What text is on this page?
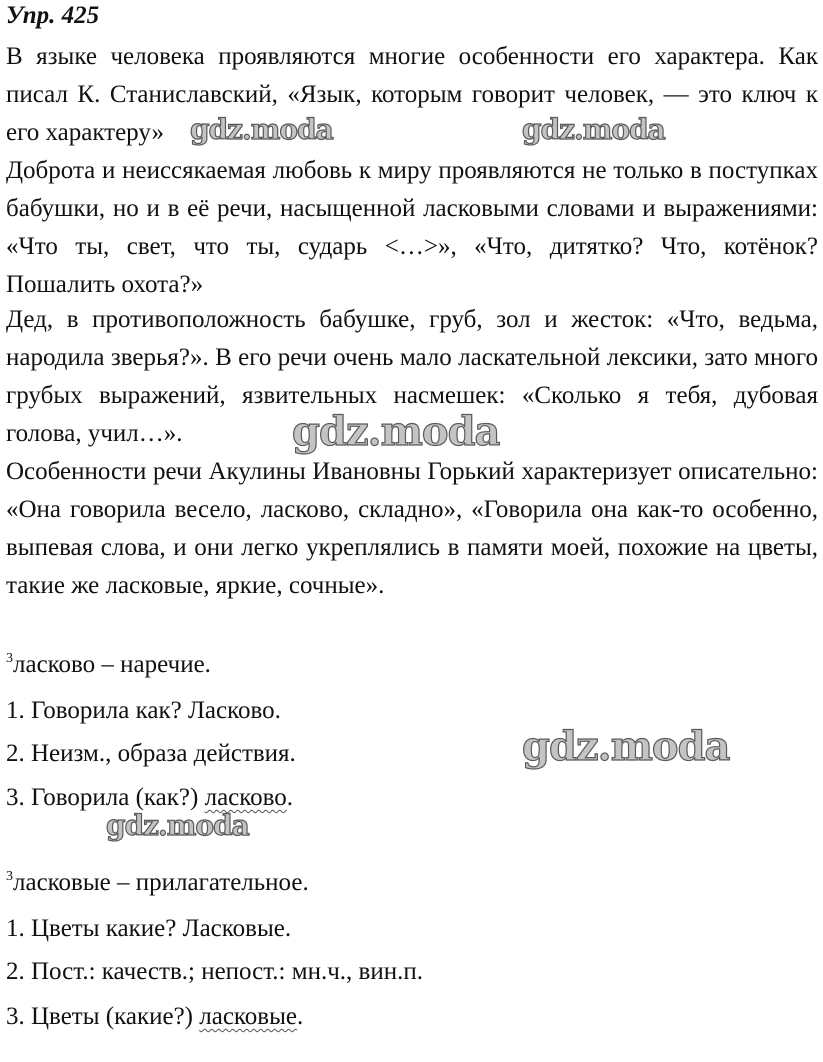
Упр. 425

В языке человека проявляются многие особенности его характера. Как писал К. Станиславский, «Язык, которым говорит человек, — это ключ к его характеру»

Доброта и неиссякаемая любовь к миру проявляются не только в поступках бабушки, но и в её речи, насыщенной ласковыми словами и выражениями: «Что ты, свет, что ты, сударь <…>», «Что, дитятко? Что, котёнок? Пошалить охота?»

Дед, в противоположность бабушке, груб, зол и жесток: «Что, ведьма, народила зверья?». В его речи очень мало ласкательной лексики, зато много грубых выражений, язвительных насмешек: «Сколько я тебя, дубовая голова, учил…».

Особенности речи Акулины Ивановны Горький характеризует описательно: «Она говорила весело, ласково, складно», «Говорила она как-то особенно, выпевая слова, и они легко укреплялись в памяти моей, похожие на цветы, такие же ласковые, яркие, сочные».

$^3$ласково – наречие.

1. Говорила как? Ласково.

2. Неизм., образа действия.

3. Говорила (как?) ласково.

$^3$ласковые – прилагательное.

1. Цветы какие? Ласковые.

2. Пост.: качеств.; непост.: мн.ч., вин.п.

3. Цветы (какие?) ласковые.

gdz.moda	gdz.moda
gdz.moda
gdz.moda
gdz.moda
